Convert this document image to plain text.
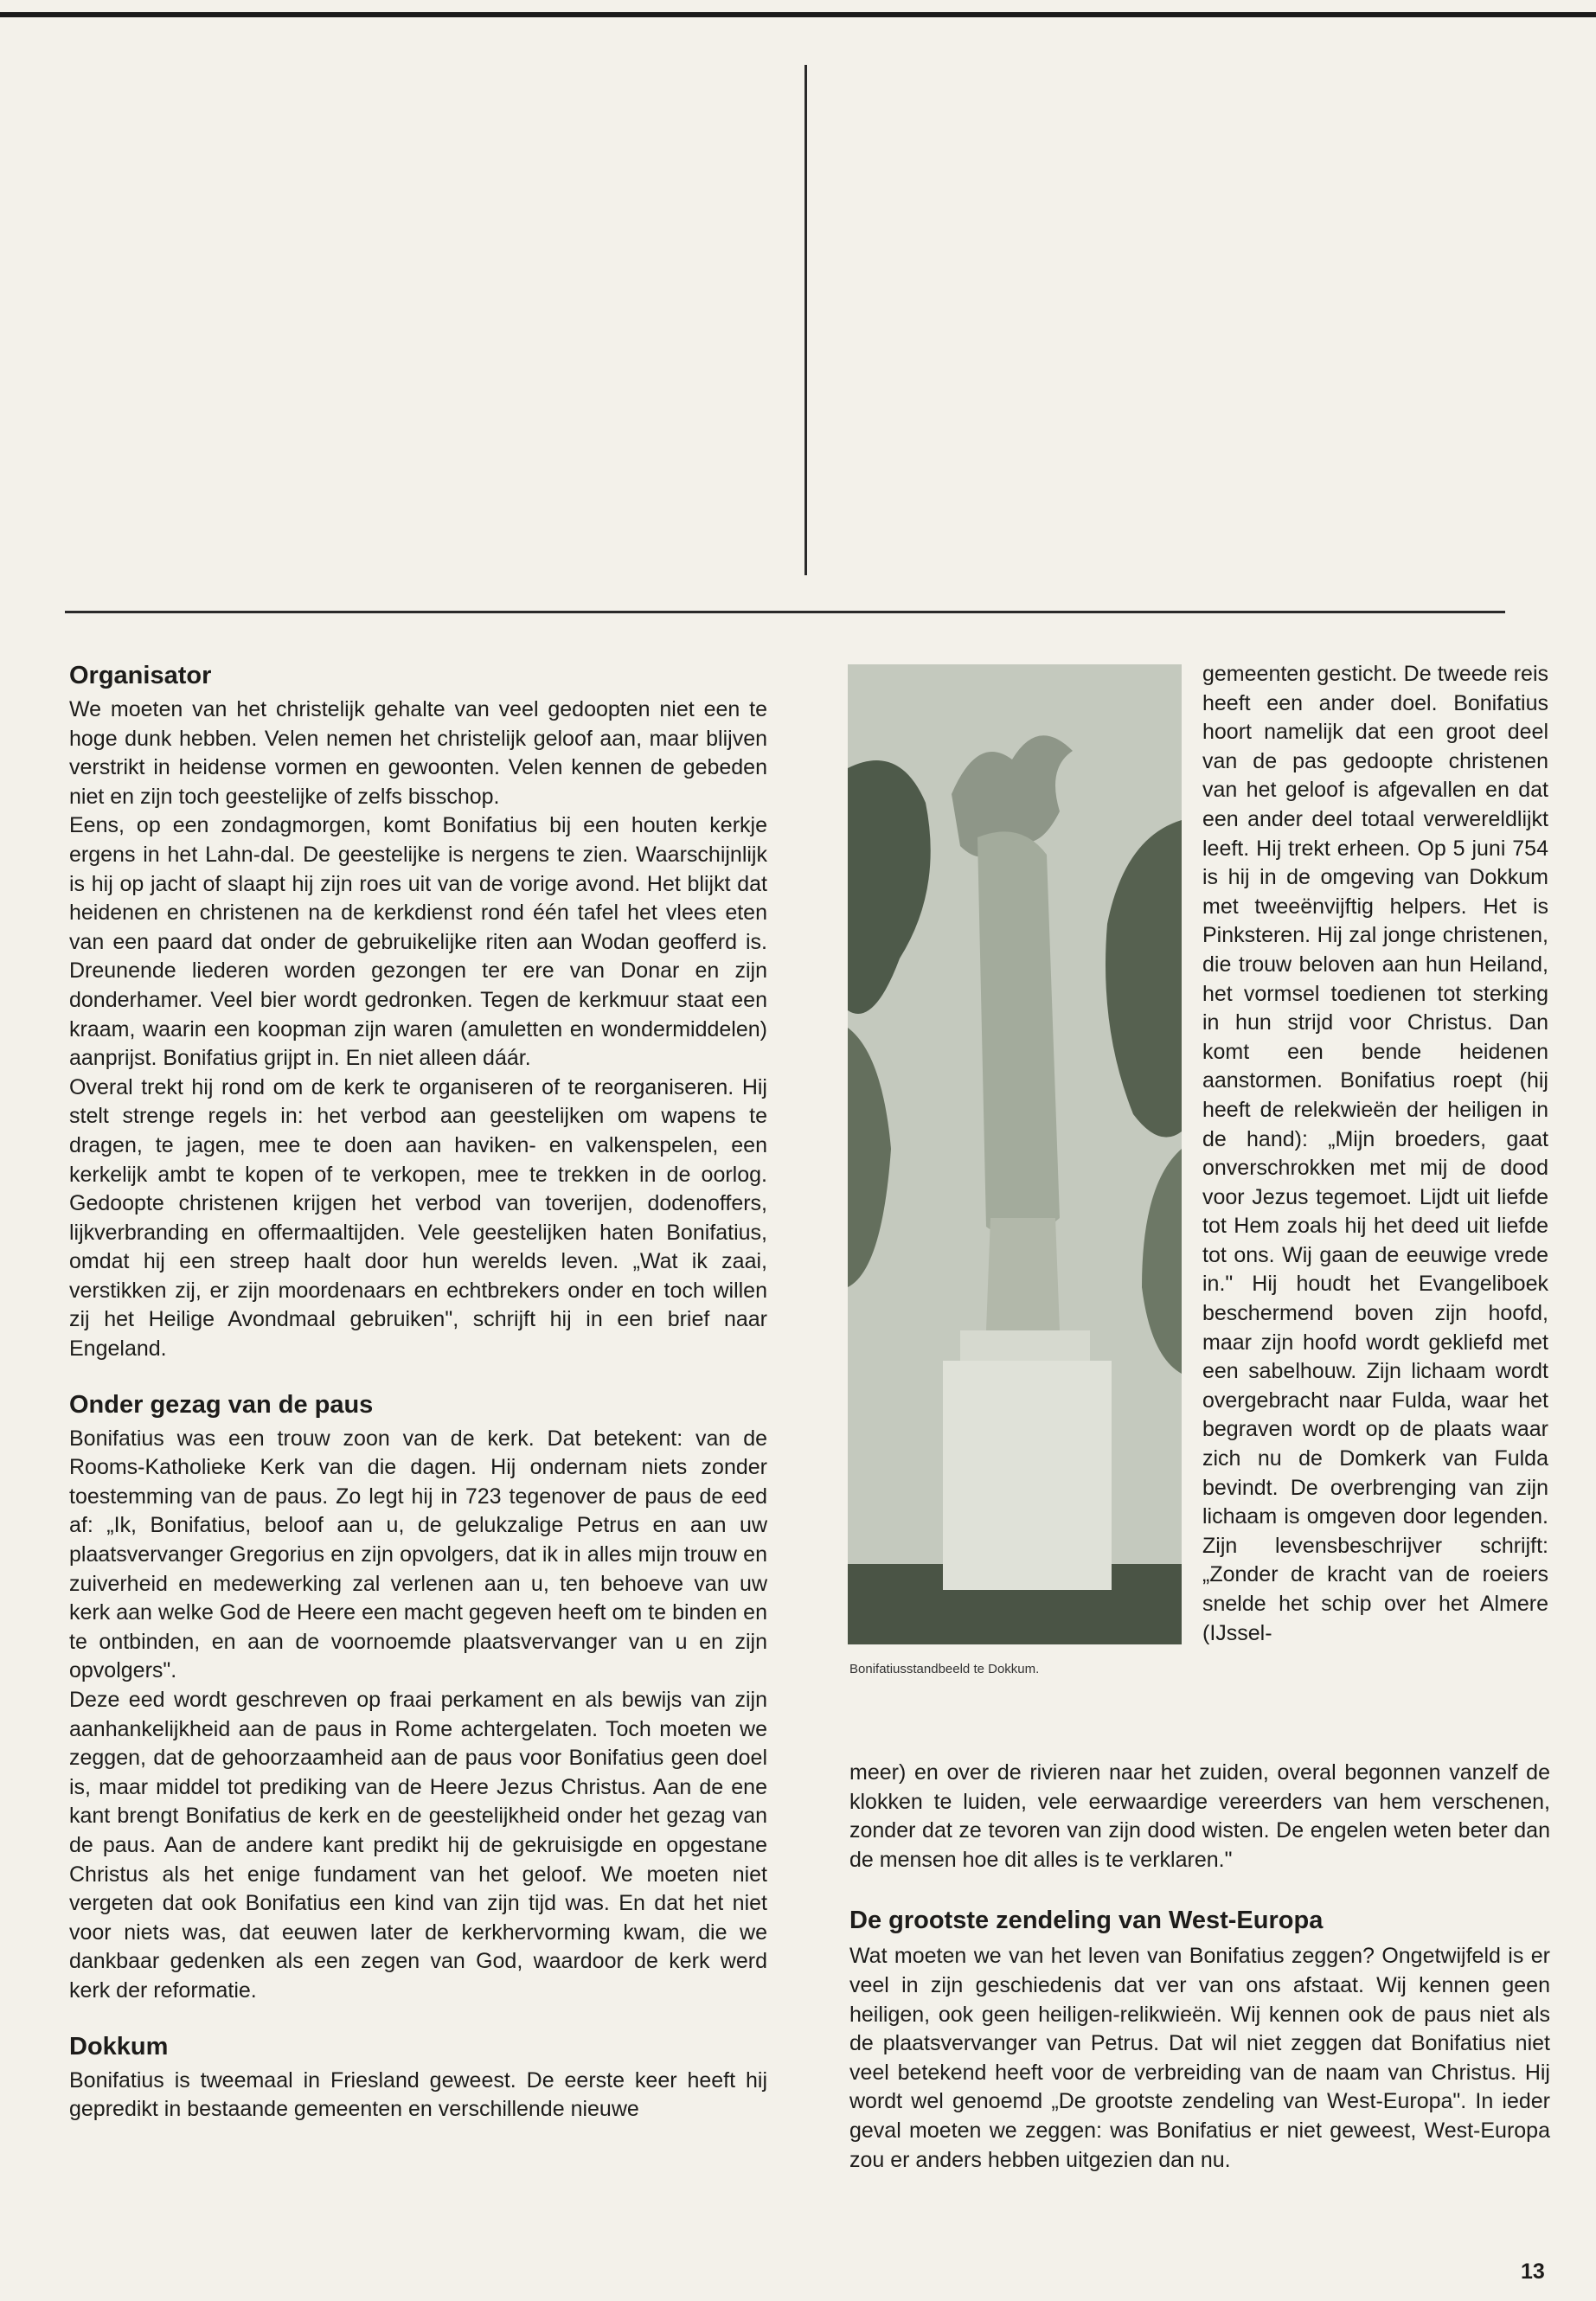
Organisator

We moeten van het christelijk gehalte van veel gedoopten niet een te hoge dunk hebben. Velen nemen het christelijk geloof aan, maar blijven verstrikt in heidense vormen en gewoonten. Velen kennen de gebeden niet en zijn toch geestelijke of zelfs bisschop.

Eens, op een zondagmorgen, komt Bonifatius bij een houten kerkje ergens in het Lahn-dal. De geestelijke is nergens te zien. Waarschijnlijk is hij op jacht of slaapt hij zijn roes uit van de vorige avond. Het blijkt dat heidenen en christenen na de kerkdienst rond één tafel het vlees eten van een paard dat onder de gebruikelijke riten aan Wodan geofferd is. Dreunende liederen worden gezongen ter ere van Donar en zijn donderhamer. Veel bier wordt gedronken. Tegen de kerkmuur staat een kraam, waarin een koopman zijn waren (amuletten en wondermiddelen) aanprijst. Bonifatius grijpt in. En niet alleen dáár.

Overal trekt hij rond om de kerk te organiseren of te reorganiseren. Hij stelt strenge regels in: het verbod aan geestelijken om wapens te dragen, te jagen, mee te doen aan haviken- en valkenspelen, een kerkelijk ambt te kopen of te verkopen, mee te trekken in de oorlog. Gedoopte christenen krijgen het verbod van toverijen, dodenoffers, lijkverbranding en offermaaltijden. Vele geestelijken haten Bonifatius, omdat hij een streep haalt door hun werelds leven. „Wat ik zaai, verstikken zij, er zijn moordenaars en echtbrekers onder en toch willen zij het Heilige Avondmaal gebruiken", schrijft hij in een brief naar Engeland.

Onder gezag van de paus

Bonifatius was een trouw zoon van de kerk. Dat betekent: van de Rooms-Katholieke Kerk van die dagen. Hij ondernam niets zonder toestemming van de paus. Zo legt hij in 723 tegenover de paus de eed af: „Ik, Bonifatius, beloof aan u, de gelukzalige Petrus en aan uw plaatsvervanger Gregorius en zijn opvolgers, dat ik in alles mijn trouw en zuiverheid en medewerking zal verlenen aan u, ten behoeve van uw kerk aan welke God de Heere een macht gegeven heeft om te binden en te ontbinden, en aan de voornoemde plaatsvervanger van u en zijn opvolgers".

Deze eed wordt geschreven op fraai perkament en als bewijs van zijn aanhankelijkheid aan de paus in Rome achtergelaten. Toch moeten we zeggen, dat de gehoorzaamheid aan de paus voor Bonifatius geen doel is, maar middel tot prediking van de Heere Jezus Christus. Aan de ene kant brengt Bonifatius de kerk en de geestelijkheid onder het gezag van de paus. Aan de andere kant predikt hij de gekruisigde en opgestane Christus als het enige fundament van het geloof. We moeten niet vergeten dat ook Bonifatius een kind van zijn tijd was. En dat het niet voor niets was, dat eeuwen later de kerkhervorming kwam, die we dankbaar gedenken als een zegen van God, waardoor de kerk werd kerk der reformatie.

Dokkum

Bonifatius is tweemaal in Friesland geweest. De eerste keer heeft hij gepredikt in bestaande gemeenten en verschillende nieuwe

Bonifatiusstandbeeld te Dokkum.

gemeenten gesticht. De tweede reis heeft een ander doel. Bonifatius hoort namelijk dat een groot deel van de pas gedoopte christenen van het geloof is afgevallen en dat een ander deel totaal verwereldlijkt leeft. Hij trekt erheen. Op 5 juni 754 is hij in de omgeving van Dokkum met tweeënvijftig helpers. Het is Pinksteren. Hij zal jonge christenen, die trouw beloven aan hun Heiland, het vormsel toedienen tot sterking in hun strijd voor Christus. Dan komt een bende heidenen aanstormen. Bonifatius roept (hij heeft de relekwieën der heiligen in de hand): „Mijn broeders, gaat onverschrokken met mij de dood voor Jezus tegemoet. Lijdt uit liefde tot Hem zoals hij het deed uit liefde tot ons. Wij gaan de eeuwige vrede in." Hij houdt het Evangeliboek beschermend boven zijn hoofd, maar zijn hoofd wordt gekliefd met een sabelhouw. Zijn lichaam wordt overgebracht naar Fulda, waar het begraven wordt op de plaats waar zich nu de Domkerk van Fulda bevindt. De overbrenging van zijn lichaam is omgeven door legenden. Zijn levensbeschrijver schrijft: „Zonder de kracht van de roeiers snelde het schip over het Almere (IJssel-

meer) en over de rivieren naar het zuiden, overal begonnen vanzelf de klokken te luiden, vele eerwaardige vereerders van hem verschenen, zonder dat ze tevoren van zijn dood wisten. De engelen weten beter dan de mensen hoe dit alles is te verklaren."

De grootste zendeling van West-Europa

Wat moeten we van het leven van Bonifatius zeggen? Ongetwijfeld is er veel in zijn geschiedenis dat ver van ons afstaat. Wij kennen geen heiligen, ook geen heiligen-relikwieën. Wij kennen ook de paus niet als de plaatsvervanger van Petrus. Dat wil niet zeggen dat Bonifatius niet veel betekend heeft voor de verbreiding van de naam van Christus. Hij wordt wel genoemd „De grootste zendeling van West-Europa". In ieder geval moeten we zeggen: was Bonifatius er niet geweest, West-Europa zou er anders hebben uitgezien dan nu.

13
